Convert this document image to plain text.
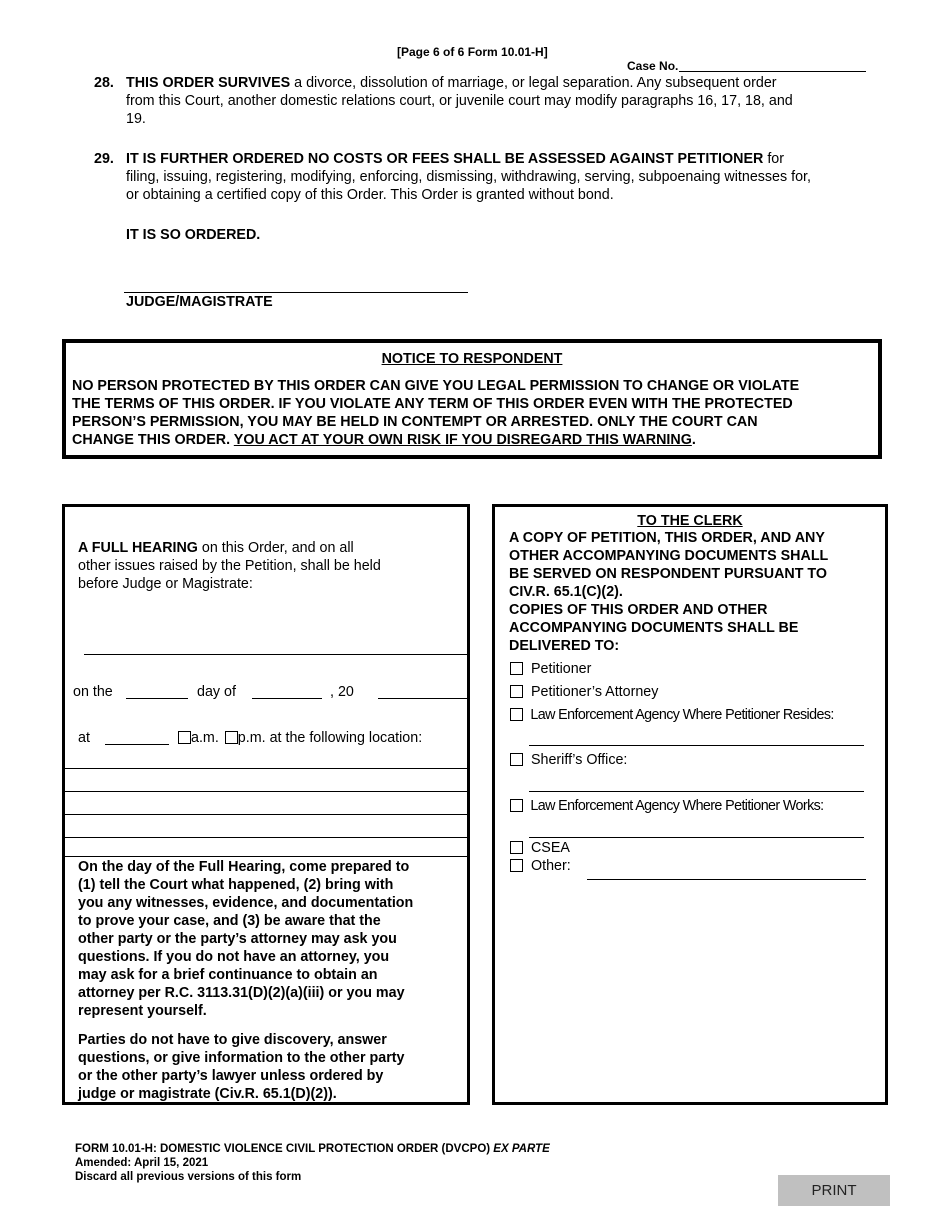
[Page 6 of 6 Form 10.01-H]
Case No.
28. THIS ORDER SURVIVES a divorce, dissolution of marriage, or legal separation. Any subsequent order
from this Court, another domestic relations court, or juvenile court may modify paragraphs 16, 17, 18, and
19.
29. IT IS FURTHER ORDERED NO COSTS OR FEES SHALL BE ASSESSED AGAINST PETITIONER for
filing, issuing, registering, modifying, enforcing, dismissing, withdrawing, serving, subpoenaing witnesses for,
or obtaining a certified copy of this Order. This Order is granted without bond.
IT IS SO ORDERED.
JUDGE/MAGISTRATE
NOTICE TO RESPONDENT
NO PERSON PROTECTED BY THIS ORDER CAN GIVE YOU LEGAL PERMISSION TO CHANGE OR VIOLATE
THE TERMS OF THIS ORDER. IF YOU VIOLATE ANY TERM OF THIS ORDER EVEN WITH THE PROTECTED
PERSON’S PERMISSION, YOU MAY BE HELD IN CONTEMPT OR ARRESTED. ONLY THE COURT CAN
CHANGE THIS ORDER. YOU ACT AT YOUR OWN RISK IF YOU DISREGARD THIS WARNING.
A FULL HEARING on this Order, and on all
other issues raised by the Petition, shall be held
before Judge or Magistrate:
on the	day of	, 20
at	a.m. p.m. at the following location:
On the day of the Full Hearing, come prepared to
(1) tell the Court what happened, (2) bring with
you any witnesses, evidence, and documentation
to prove your case, and (3) be aware that the
other party or the party’s attorney may ask you
questions. If you do not have an attorney, you
may ask for a brief continuance to obtain an
attorney per R.C. 3113.31(D)(2)(a)(iii) or you may
represent yourself.
Parties do not have to give discovery, answer
questions, or give information to the other party
or the other party’s lawyer unless ordered by
judge or magistrate (Civ.R. 65.1(D)(2)).
TO THE CLERK
A COPY OF PETITION, THIS ORDER, AND ANY
OTHER ACCOMPANYING DOCUMENTS SHALL
BE SERVED ON RESPONDENT PURSUANT TO
CIV.R. 65.1(C)(2).
COPIES OF THIS ORDER AND OTHER
ACCOMPANYING DOCUMENTS SHALL BE
DELIVERED TO:
Petitioner
Petitioner’s Attorney
Law Enforcement Agency Where Petitioner Resides:
Sheriff’s Office:
Law Enforcement Agency Where Petitioner Works:
CSEA
Other:
FORM 10.01-H: DOMESTIC VIOLENCE CIVIL PROTECTION ORDER (DVCPO) EX PARTE
Amended: April 15, 2021
Discard all previous versions of this form
PRINT
